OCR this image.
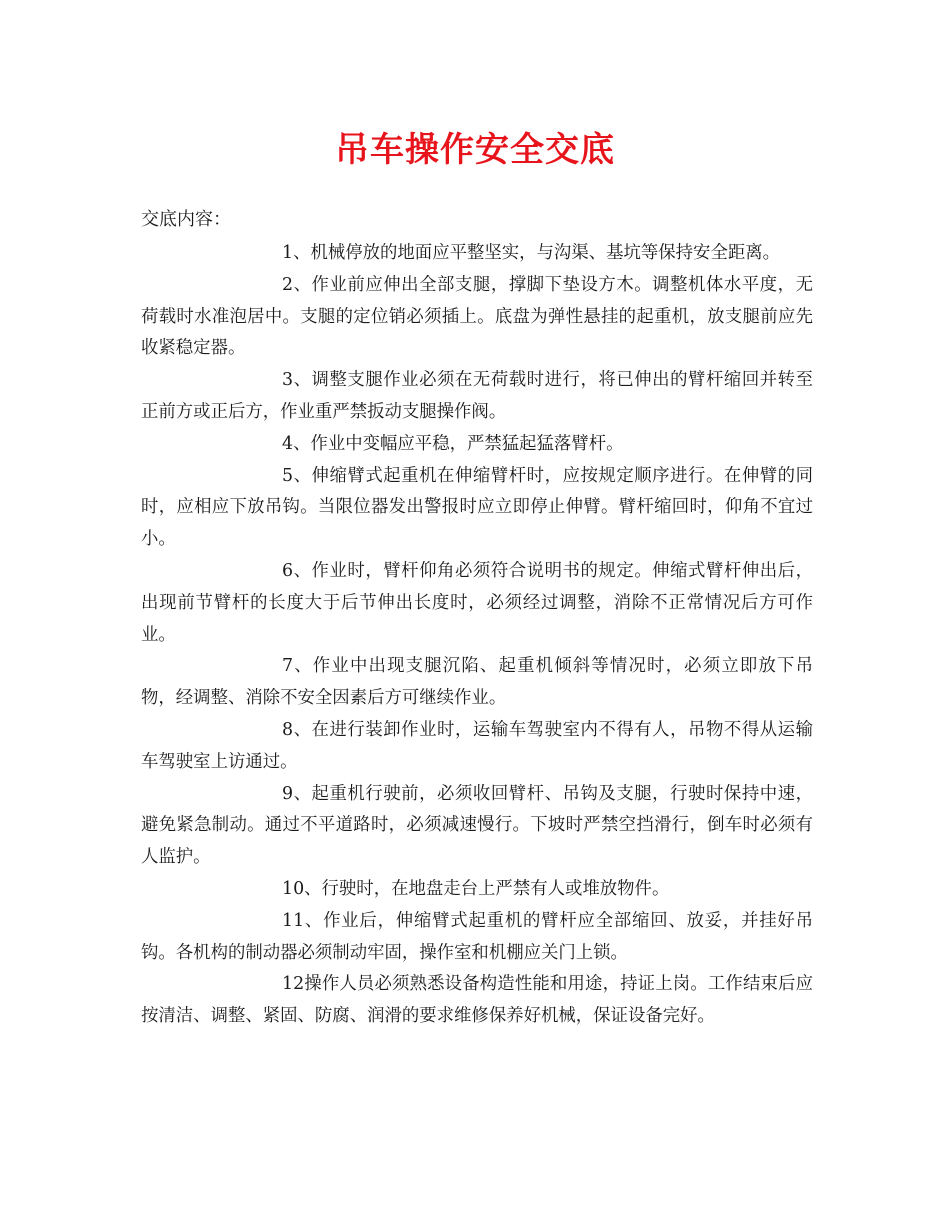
吊车操作安全交底
交底内容：

1、机械停放的地面应平整坚实，与沟渠、基坑等保持安全距离。

2、作业前应伸出全部支腿，撑脚下垫设方木。调整机体水平度，无荷载时水准泡居中。支腿的定位销必须插上。底盘为弹性悬挂的起重机，放支腿前应先收紧稳定器。

3、调整支腿作业必须在无荷载时进行，将已伸出的臂杆缩回并转至正前方或正后方，作业重严禁扳动支腿操作阀。

4、作业中变幅应平稳，严禁猛起猛落臂杆。

5、伸缩臂式起重机在伸缩臂杆时，应按规定顺序进行。在伸臂的同时，应相应下放吊钩。当限位器发出警报时应立即停止伸臂。臂杆缩回时，仰角不宜过小。

6、作业时，臂杆仰角必须符合说明书的规定。伸缩式臂杆伸出后，出现前节臂杆的长度大于后节伸出长度时，必须经过调整，消除不正常情况后方可作业。

7、作业中出现支腿沉陷、起重机倾斜等情况时，必须立即放下吊物，经调整、消除不安全因素后方可继续作业。

8、在进行装卸作业时，运输车驾驶室内不得有人，吊物不得从运输车驾驶室上访通过。

9、起重机行驶前，必须收回臂杆、吊钩及支腿，行驶时保持中速，避免紧急制动。通过不平道路时，必须减速慢行。下坡时严禁空挡滑行，倒车时必须有人监护。

10、行驶时，在地盘走台上严禁有人或堆放物件。

11、作业后，伸缩臂式起重机的臂杆应全部缩回、放妥，并挂好吊钩。各机构的制动器必须制动牢固，操作室和机棚应关门上锁。

12操作人员必须熟悉设备构造性能和用途，持证上岗。工作结束后应按清洁、调整、紧固、防腐、润滑的要求维修保养好机械，保证设备完好。
